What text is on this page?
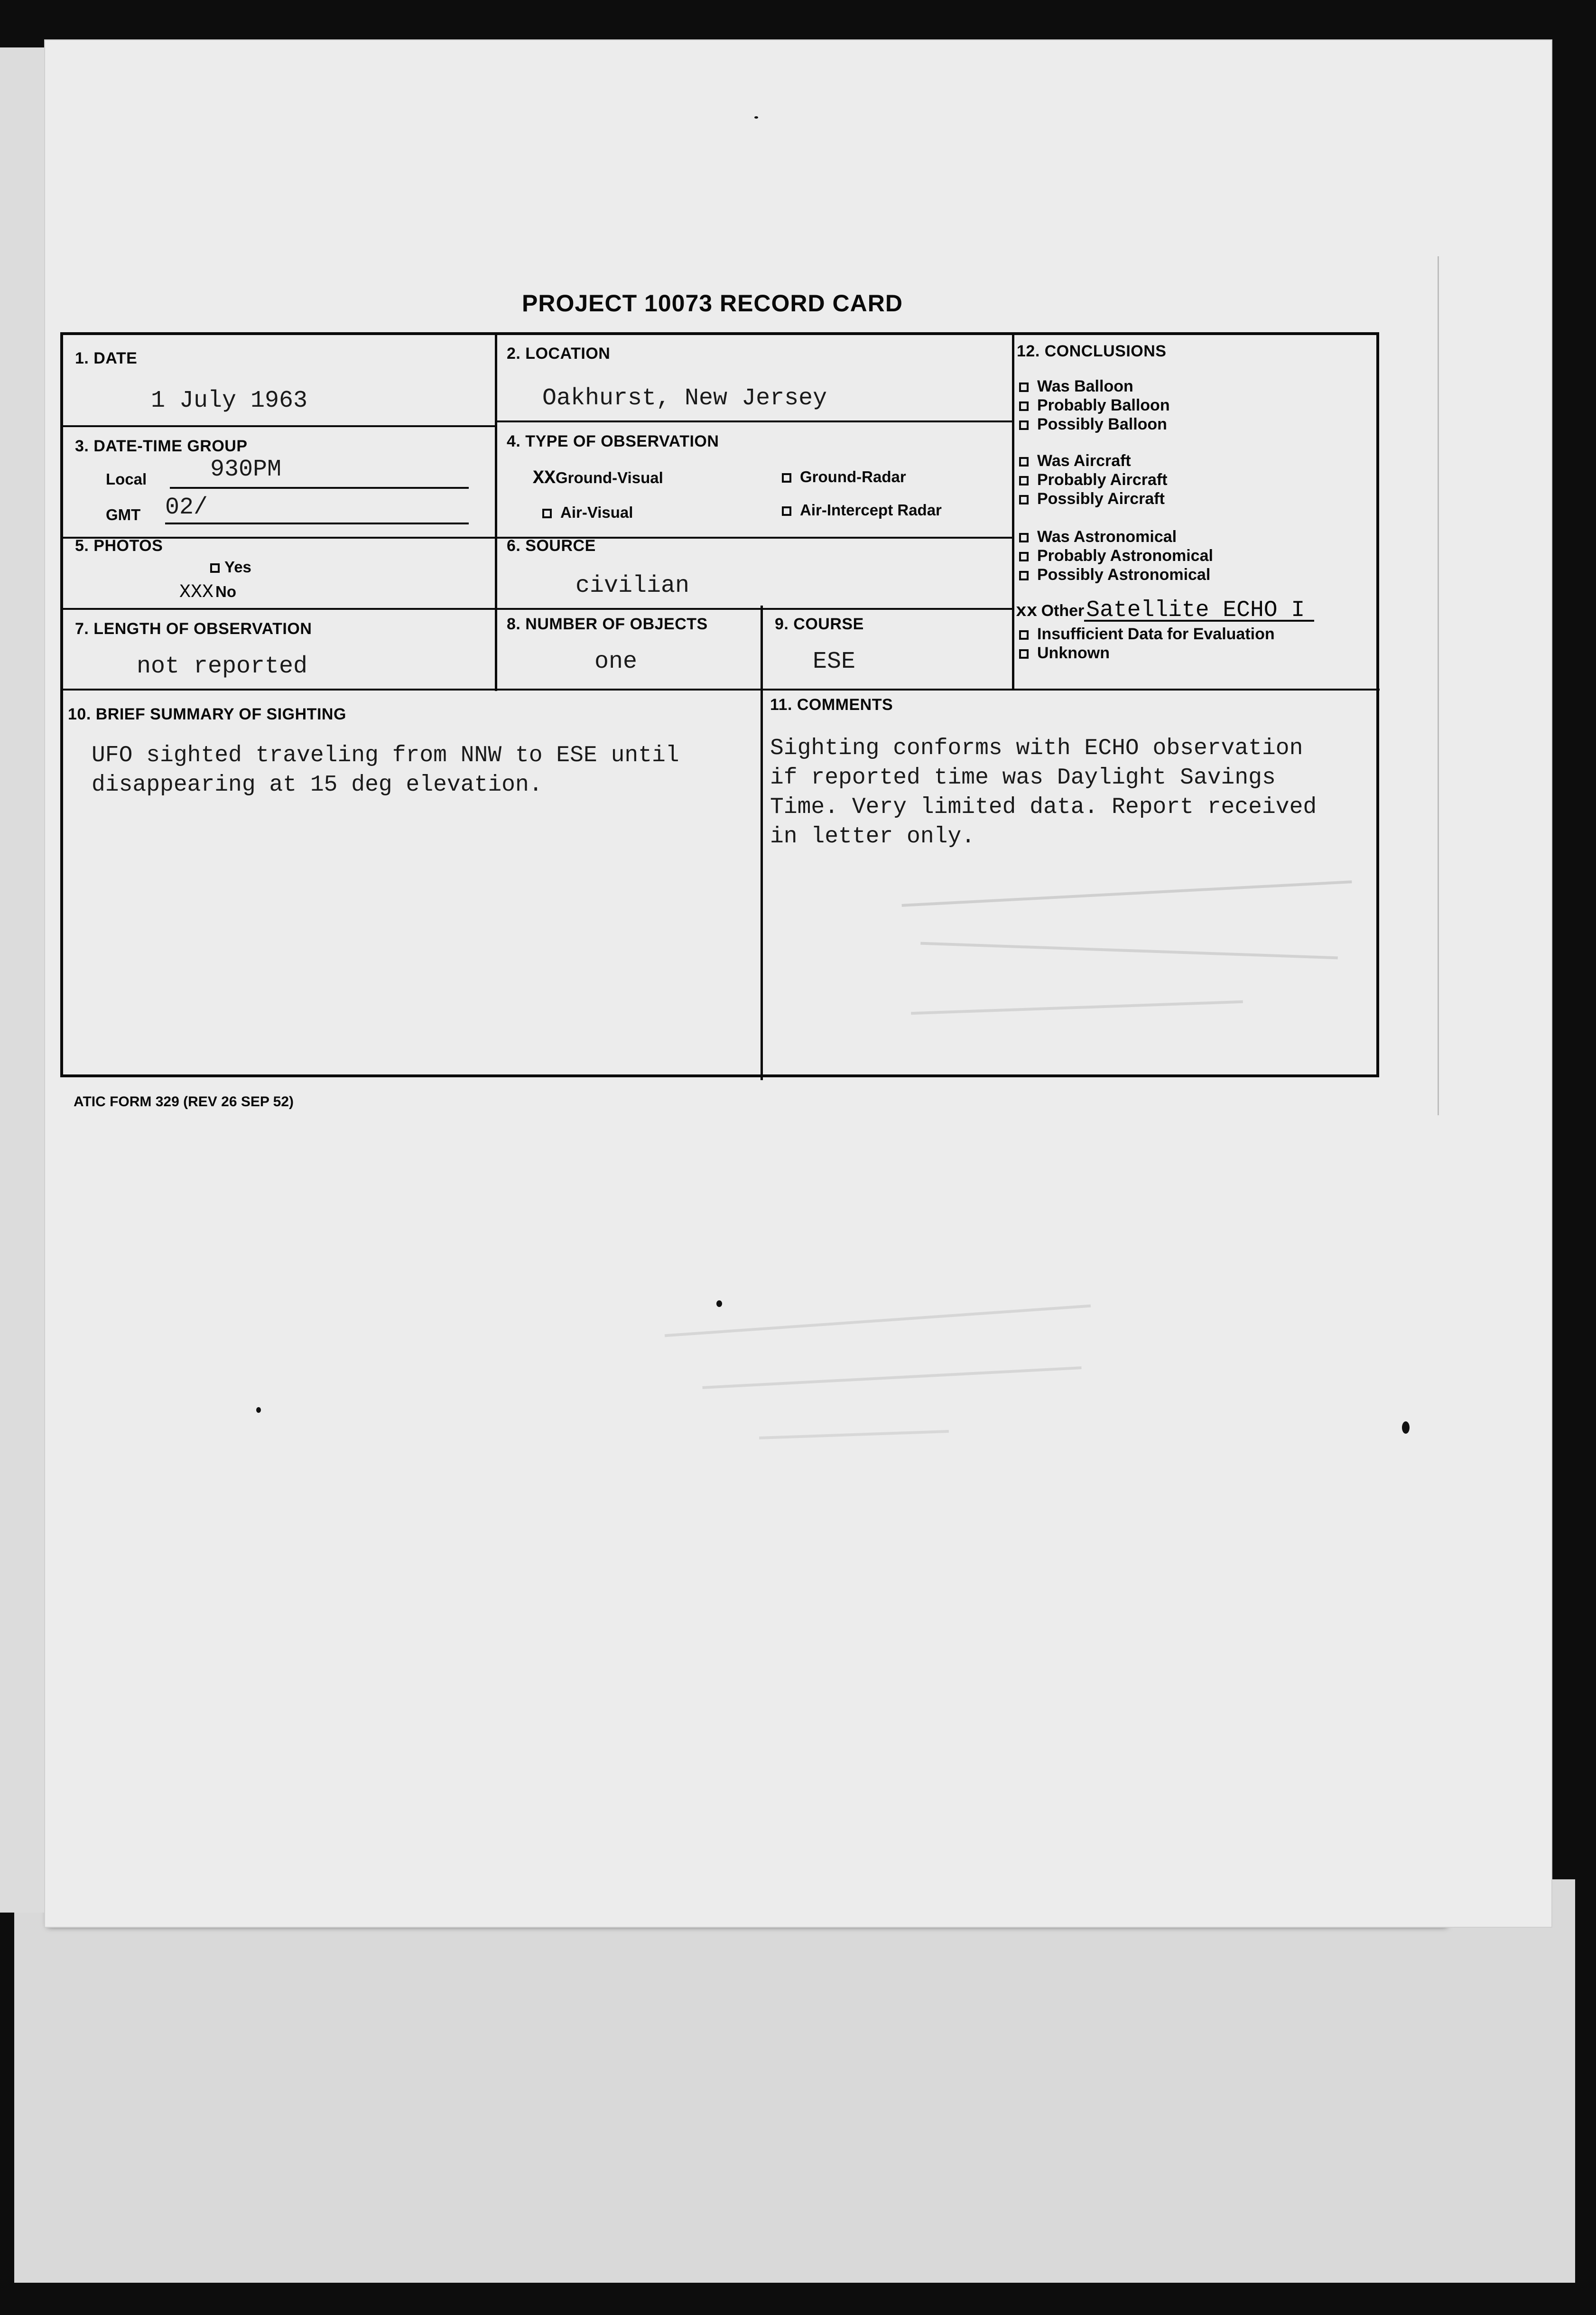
PROJECT 10073 RECORD CARD
1. DATE
1 July 1963
2. LOCATION
Oakhurst, New Jersey
3. DATE-TIME GROUP
Local	930PM
GMT 02/
4. TYPE OF OBSERVATION
XXGround-Visual	Ground-Radar
Air-Visual	Air-Intercept Radar
5. PHOTOS
Yes
XXX No
6. SOURCE
civilian
7. LENGTH OF OBSERVATION
not reported
8. NUMBER OF OBJECTS
one
9. COURSE
ESE
10. BRIEF SUMMARY OF SIGHTING
UFO sighted traveling from NNW to ESE until
disappearing at 15 deg elevation.
11. COMMENTS
Sighting conforms with ECHO observation
if reported time was Daylight Savings
Time. Very limited data. Report received
in letter only.
12. CONCLUSIONS
Was Balloon
Probably Balloon
Possibly Balloon
Was Aircraft
Probably Aircraft
Possibly Aircraft
Was Astronomical
Probably Astronomical
Possibly Astronomical
xx OtherSatellite ECHO I
Insufficient Data for Evaluation
Unknown
ATIC FORM 329 (REV 26 SEP 52)
